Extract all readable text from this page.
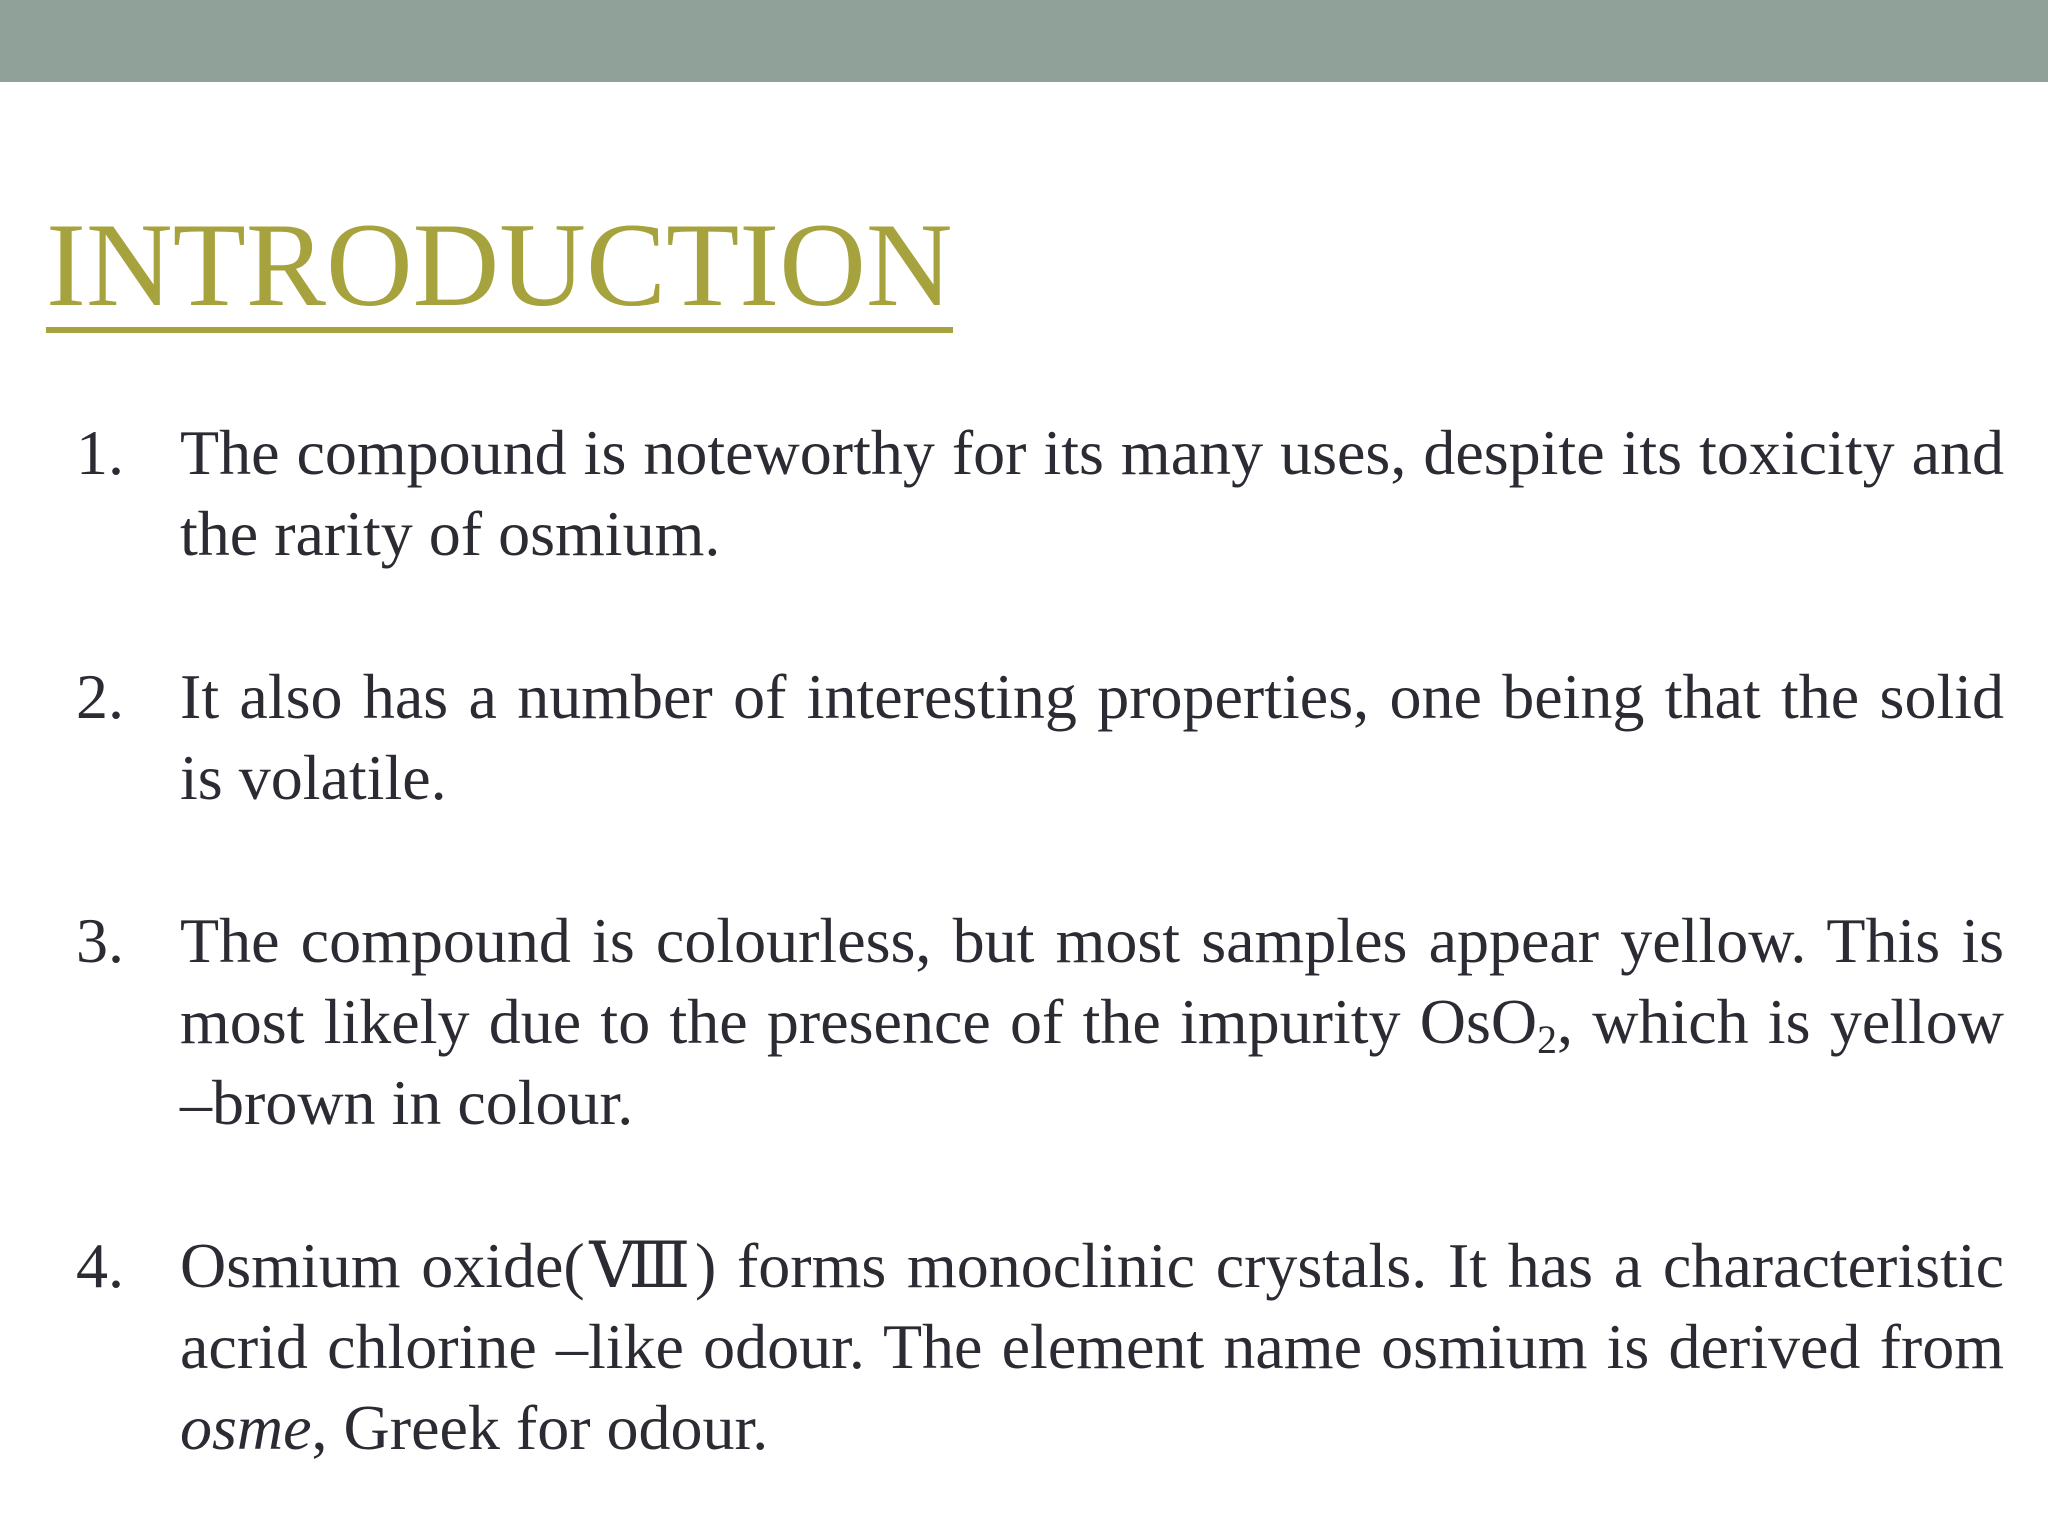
INTRODUCTION
1. The compound is noteworthy for its many uses, despite its toxicity and the rarity of osmium.
2. It also has a number of interesting properties, one being that the solid is volatile.
3. The compound is colourless, but most samples appear yellow. This is most likely due to the presence of the impurity OsO$_2$, which is yellow –brown in colour.
4. Osmium oxide(Ⅷ) forms monoclinic crystals. It has a characteristic acrid chlorine –like odour. The element name osmium is derived from osme, Greek for odour.
